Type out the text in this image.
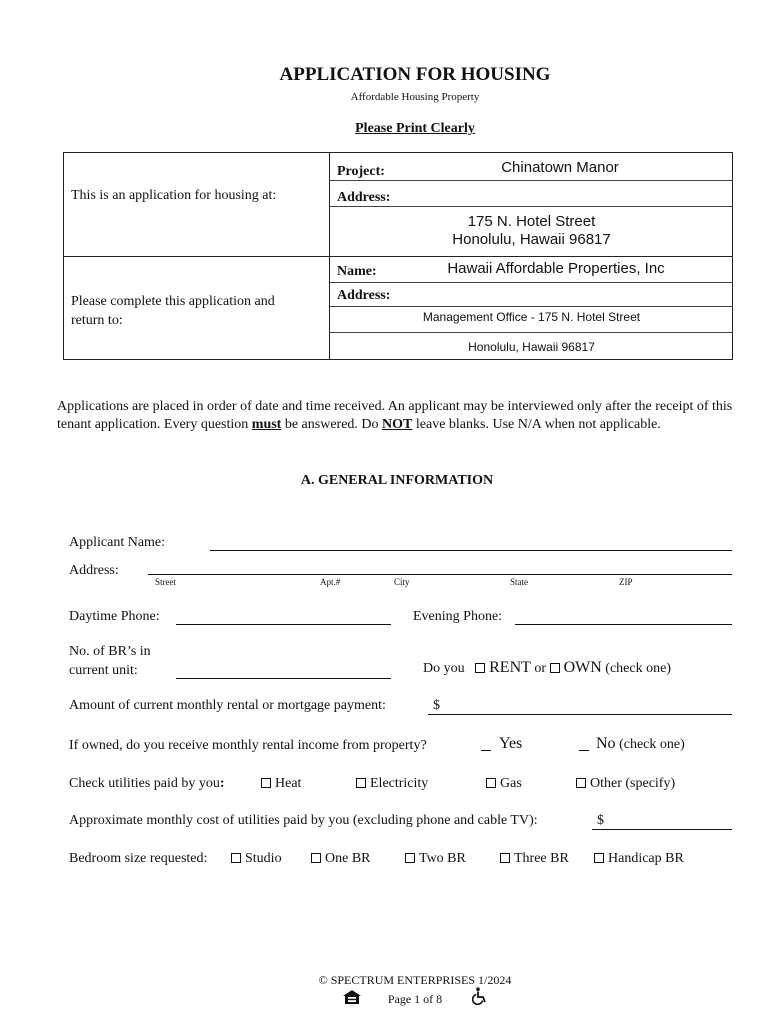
APPLICATION FOR HOUSING
Affordable Housing Property
Please Print Clearly
This is an application for housing at:
Project:	Chinatown Manor
Address:
175 N. Hotel Street
Honolulu, Hawaii 96817
Please complete this application and return to:
Name:	Hawaii Affordable Properties, Inc
Address:
Management Office - 175 N. Hotel Street
Honolulu, Hawaii 96817
Applications are placed in order of date and time received. An applicant may be interviewed only after the receipt of this tenant application. Every question must be answered. Do NOT leave blanks. Use N/A when not applicable.
A. GENERAL INFORMATION
Applicant Name:
Address:
Street	Apt.#	City	State	ZIP
Daytime Phone:	Evening Phone:
No. of BR’s in
current unit:	Do you RENT or OWN (check one)
Amount of current monthly rental or mortgage payment:	$
If owned, do you receive monthly rental income from property?	Yes	No (check one)
Check utilities paid by you:	Heat	Electricity	Gas	Other (specify)
Approximate monthly cost of utilities paid by you (excluding phone and cable TV):	$
Bedroom size requested:	Studio	One BR	Two BR	Three BR	Handicap BR
© SPECTRUM ENTERPRISES 1/2024
Page 1 of 8
